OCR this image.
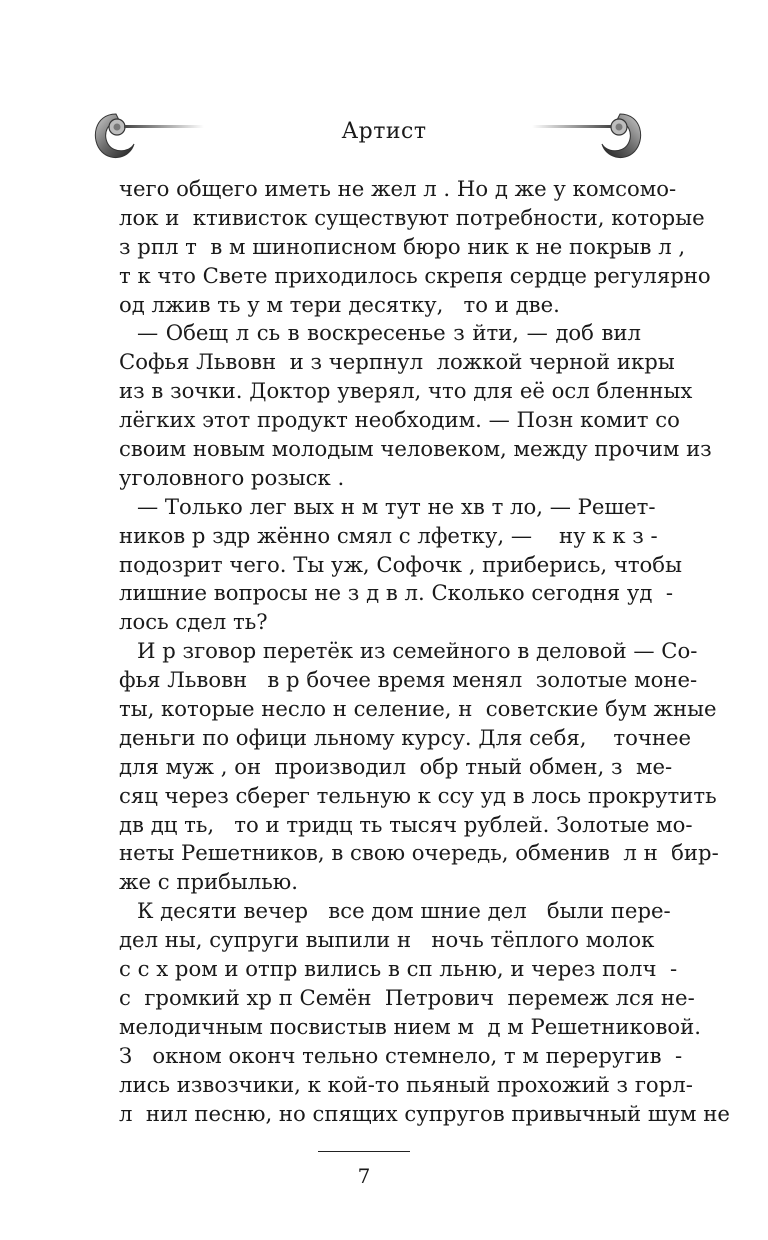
Артист
чего общего иметь не жел л . Но д же у комсомо-
лок и  ктивисток существуют потребности, которые
з рпл т  в м шинописном бюро ник к не покрыв л ,
т к что Свете приходилось скрепя сердце регулярно
од лжив ть у м тери десятку,   то и две.
— Обещ л сь в воскресенье з йти, — доб вил
Софья Львовн  и з черпнул  ложкой черной икры
из в зочки. Доктор уверял, что для её осл бленных
лёгких этот продукт необходим. — Позн комит со
своим новым молодым человеком, между прочим из
уголовного розыск .
— Только лег вых н м тут не хв т ло, — Решет-
ников р здр жённо смял с лфетку, —    ну к к з -
подозрит чего. Ты уж, Софочк , приберись, чтобы
лишние вопросы не з д в л. Сколько сегодня уд  -
лось сдел ть?
И р зговор перетёк из семейного в деловой — Со-
фья Львовн   в р бочее время менял  золотые моне-
ты, которые несло н селение, н  советские бум жные
деньги по офици льному курсу. Для себя,    точнее
для муж , он  производил  обр тный обмен, з  ме-
сяц через сберег тельную к ссу уд в лось прокрутить
дв дц ть,   то и тридц ть тысяч рублей. Золотые мо-
неты Решетников, в свою очередь, обменив  л н  бир-
же с прибылью.
К десяти вечер   все дом шние дел   были пере-
дел ны, супруги выпили н   ночь тёплого молок
с с х ром и отпр вились в сп льню, и через полч  -
с  громкий хр п Семён  Петрович  перемеж лся не-
мелодичным посвистыв нием м  д м Решетниковой.
З   окном оконч тельно стемнело, т м переругив  -
лись извозчики, к кой-то пьяный прохожий з горл-
л  нил песню, но спящих супругов привычный шум не
7
